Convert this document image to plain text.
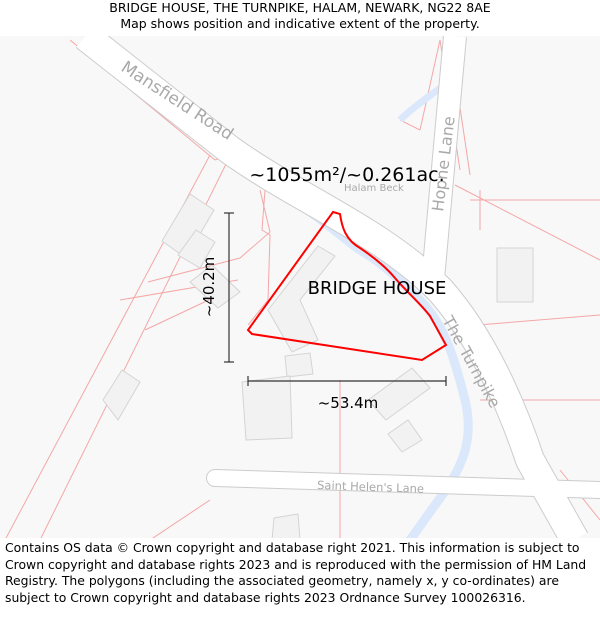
BRIDGE HOUSE, THE TURNPIKE, HALAM, NEWARK, NG22 8AE
Map shows position and indicative extent of the property.
Mansfield Road
Hopne Lane
The Turnpike
Saint Helen's Lane
Halam Beck
~1055m²/~0.261ac.
BRIDGE HOUSE
~40.2m
~53.4m
Contains OS data © Crown copyright and database right 2021. This information is subject to Crown copyright and database rights 2023 and is reproduced with the permission of HM Land Registry. The polygons (including the associated geometry, namely x, y co-ordinates) are subject to Crown copyright and database rights 2023 Ordnance Survey 100026316.
